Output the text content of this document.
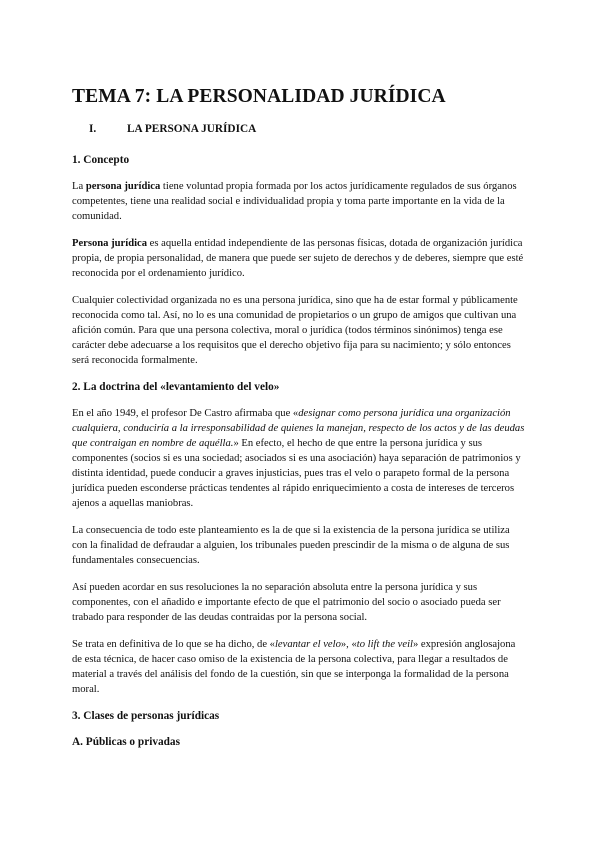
TEMA 7: LA PERSONALIDAD JURÍDICA
I.	LA PERSONA JURÍDICA
1. Concepto

La persona jurídica tiene voluntad propia formada por los actos jurídicamente regulados de sus órganos competentes, tiene una realidad social e individualidad propia y toma parte importante en la vida de la comunidad.

Persona jurídica es aquella entidad independiente de las personas físicas, dotada de organización jurídica propia, de propia personalidad, de manera que puede ser sujeto de derechos y de deberes, siempre que esté reconocida por el ordenamiento jurídico.

Cualquier colectividad organizada no es una persona jurídica, sino que ha de estar formal y públicamente reconocida como tal. Así, no lo es una comunidad de propietarios o un grupo de amigos que cultivan una afición común. Para que una persona colectiva, moral o jurídica (todos términos sinónimos) tenga ese carácter debe adecuarse a los requisitos que el derecho objetivo fija para su nacimiento; y sólo entonces será reconocida formalmente.

2. La doctrina del «levantamiento del velo»

En el año 1949, el profesor De Castro afirmaba que «designar como persona jurídica una organización cualquiera, conduciría a la irresponsabilidad de quienes la manejan, respecto de los actos y de las deudas que contraigan en nombre de aquélla.» En efecto, el hecho de que entre la persona jurídica y sus componentes (socios si es una sociedad; asociados si es una asociación) haya separación de patrimonios y distinta identidad, puede conducir a graves injusticias, pues tras el velo o parapeto formal de la persona jurídica pueden esconderse prácticas tendentes al rápido enriquecimiento a costa de intereses de terceros ajenos a aquellas maniobras.

La consecuencia de todo este planteamiento es la de que si la existencia de la persona jurídica se utiliza con la finalidad de defraudar a alguien, los tribunales pueden prescindir de la misma o de alguna de sus fundamentales consecuencias.

Así pueden acordar en sus resoluciones la no separación absoluta entre la persona jurídica y sus componentes, con el añadido e importante efecto de que el patrimonio del socio o asociado pueda ser trabado para responder de las deudas contraidas por la persona social.

Se trata en definitiva de lo que se ha dicho, de «levantar el velo», «to lift the veil» expresión anglosajona de esta técnica, de hacer caso omiso de la existencia de la persona colectiva, para llegar a resultados de material a través del análisis del fondo de la cuestión, sin que se interponga la formalidad de la persona moral.

3. Clases de personas jurídicas
A. Públicas o privadas
